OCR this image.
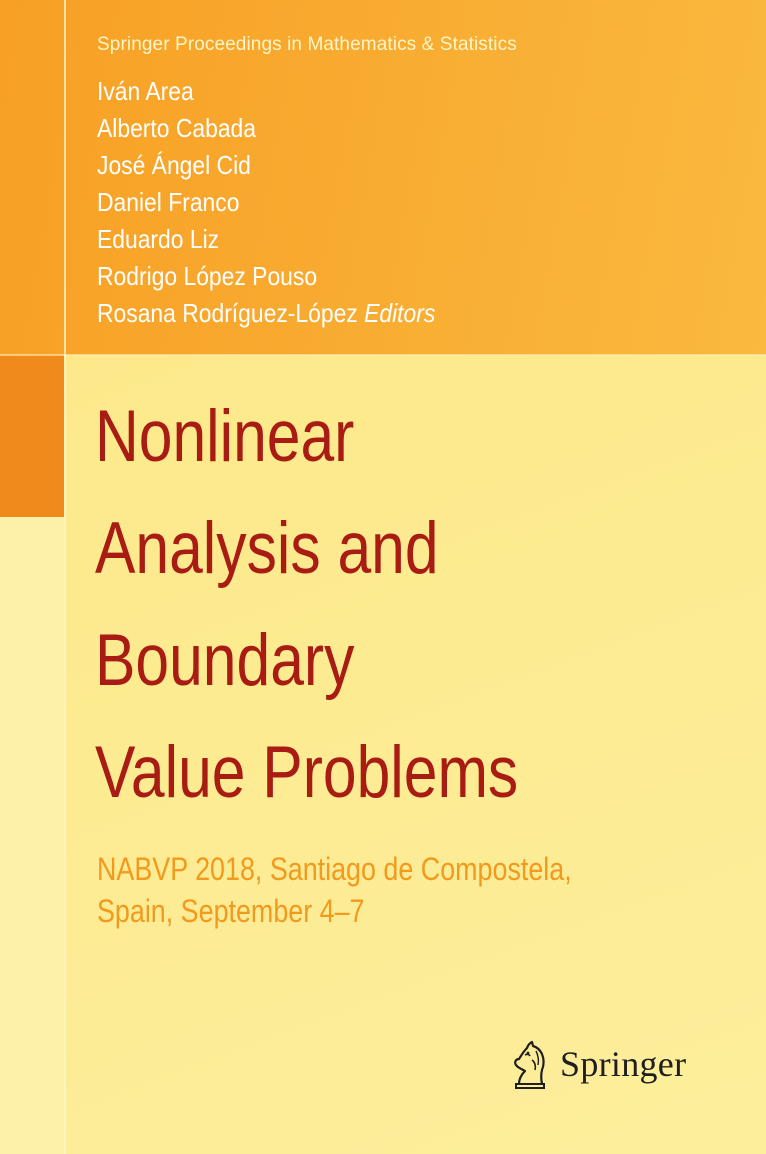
Springer Proceedings in Mathematics & Statistics
Iván Area
Alberto Cabada
José Ángel Cid
Daniel Franco
Eduardo Liz
Rodrigo López Pouso
Rosana Rodríguez-López Editors
Nonlinear
Analysis and
Boundary
Value Problems
NABVP 2018, Santiago de Compostela,
Spain, September 4–7
Springer
